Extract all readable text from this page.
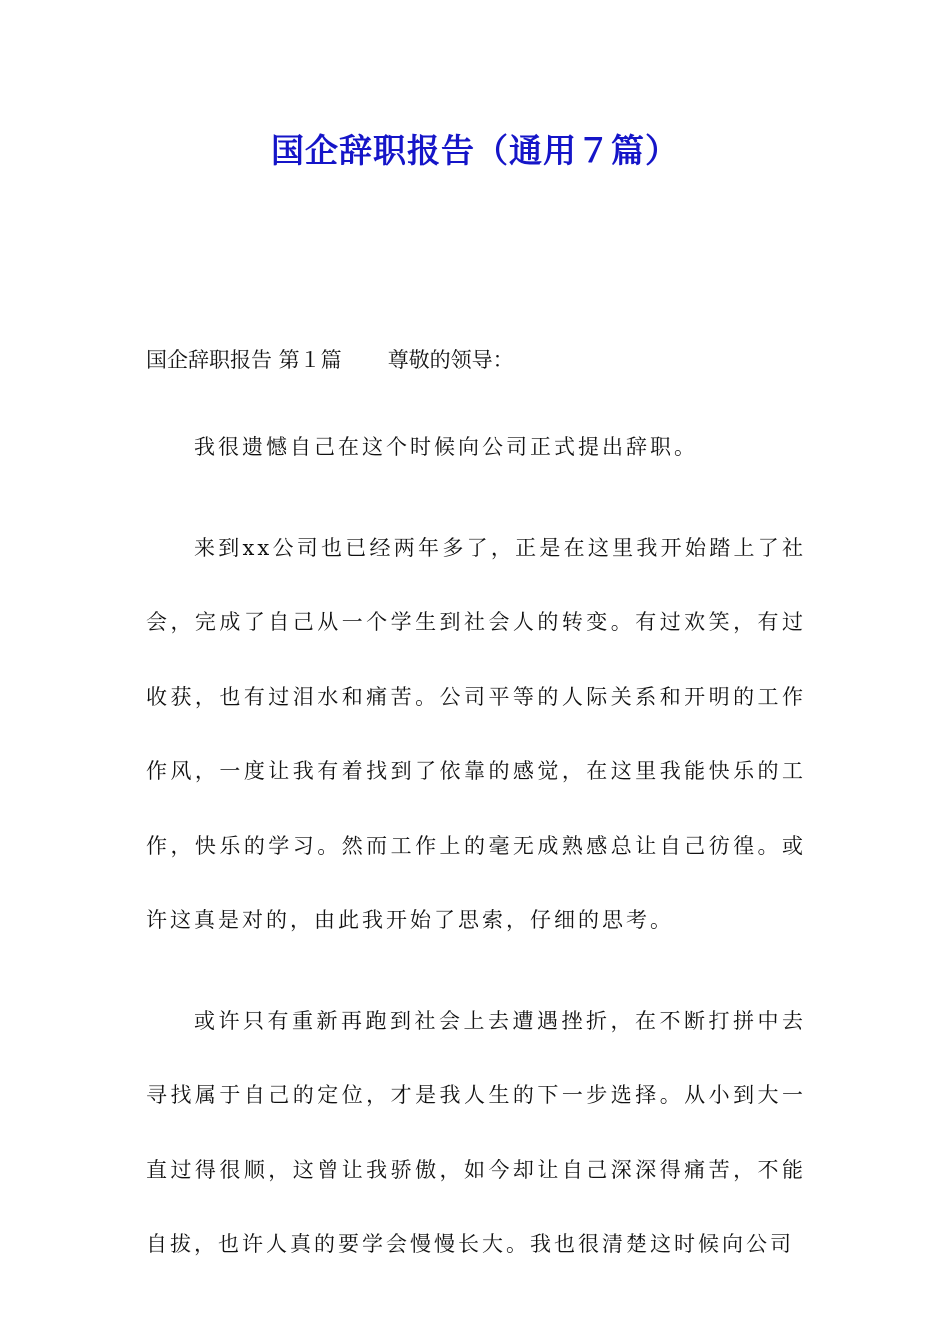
国企辞职报告（通用７篇）

国企辞职报告 第１篇 尊敬的领导：

我很遗憾自己在这个时候向公司正式提出辞职。

来到xx公司也已经两年多了，正是在这里我开始踏上了社会，完成了自己从一个学生到社会人的转变。有过欢笑，有过收获，也有过泪水和痛苦。公司平等的人际关系和开明的工作作风，一度让我有着找到了依靠的感觉，在这里我能快乐的工作，快乐的学习。然而工作上的毫无成熟感总让自己彷徨。或许这真是对的，由此我开始了思索，仔细的思考。

或许只有重新再跑到社会上去遭遇挫折，在不断打拼中去寻找属于自己的定位，才是我人生的下一步选择。从小到大一直过得很顺，这曾让我骄傲，如今却让自己深深得痛苦，不能自拔，也许人真的要学会慢慢长大。我也很清楚这时候向公司
